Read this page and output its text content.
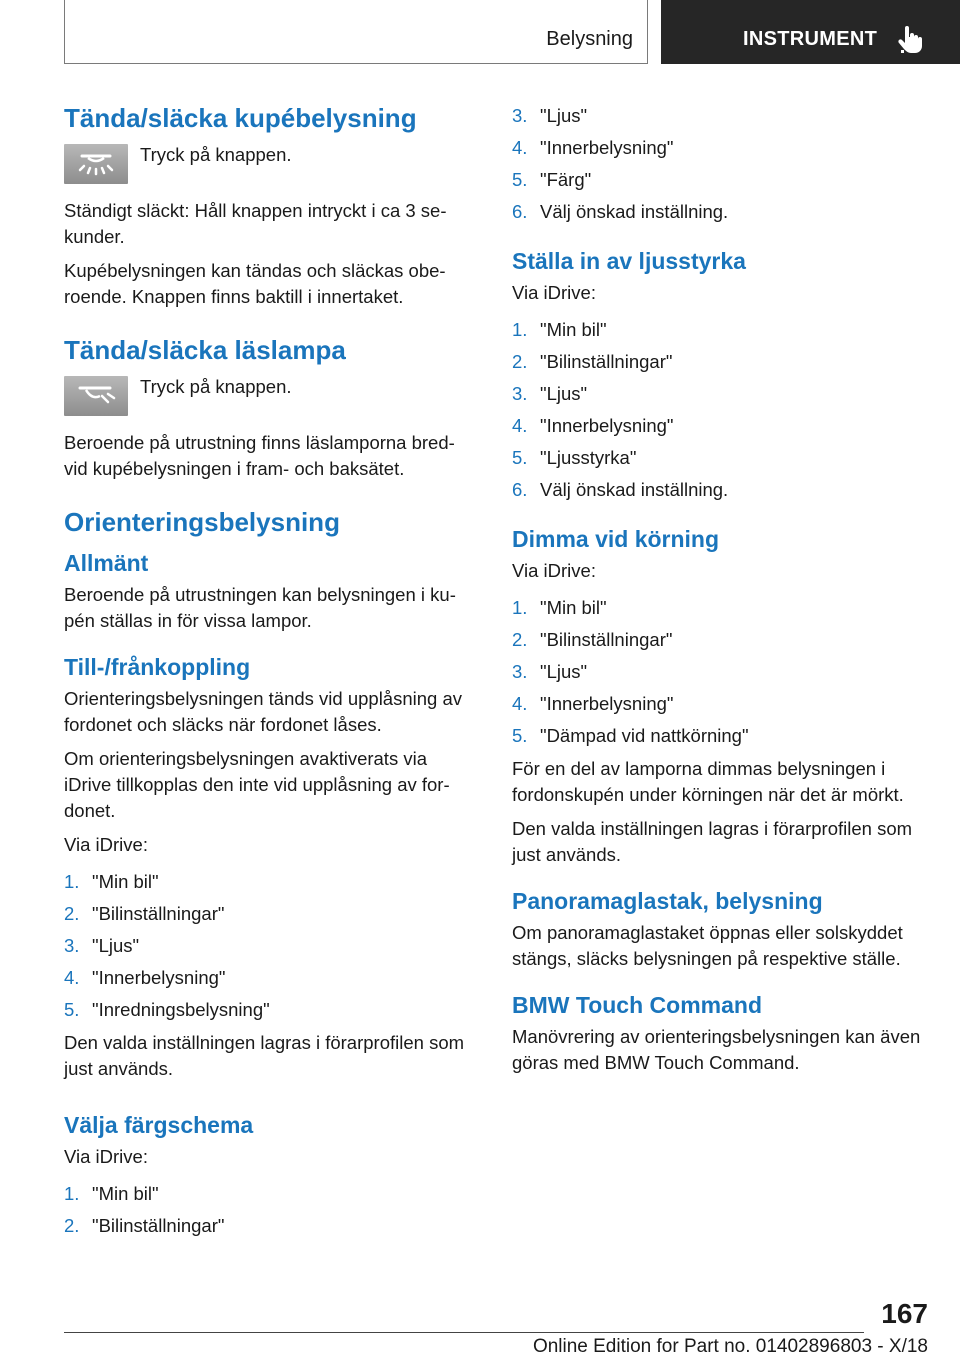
Belysning	INSTRUMENT
Tända/släcka kupébelysning

Tryck på knappen.

Ständigt släckt: Håll knappen intryckt i ca 3 se-kunder.

Kupébelysningen kan tändas och släckas obe-roende. Knappen finns baktill i innertaket.

Tända/släcka läslampa

Tryck på knappen.

Beroende på utrustning finns läslamporna bred-vid kupébelysningen i fram- och baksätet.

Orienteringsbelysning
Allmänt

Beroende på utrustningen kan belysningen i ku-pén ställas in för vissa lampor.

Till-/frånkoppling

Orienteringsbelysningen tänds vid upplåsning av fordonet och släcks när fordonet låses.

Om orienteringsbelysningen avaktiverats via iDrive tillkopplas den inte vid upplåsning av for-donet.

Via iDrive:

1. "Min bil"
2. "Bilinställningar"
3. "Ljus"
4. "Innerbelysning"
5. "Inredningsbelysning"

Den valda inställningen lagras i förarprofilen som just används.

Välja färgschema

Via iDrive:

1. "Min bil"
2. "Bilinställningar"
3. "Ljus"
4. "Innerbelysning"
5. "Färg"
6. Välj önskad inställning.
Ställa in av ljusstyrka

Via iDrive:

1. "Min bil"
2. "Bilinställningar"
3. "Ljus"
4. "Innerbelysning"
5. "Ljusstyrka"
6. Välj önskad inställning.
Dimma vid körning

Via iDrive:

1. "Min bil"
2. "Bilinställningar"
3. "Ljus"
4. "Innerbelysning"
5. "Dämpad vid nattkörning"

För en del av lamporna dimmas belysningen i fordonskupén under körningen när det är mörkt.

Den valda inställningen lagras i förarprofilen som just används.

Panoramaglastak, belysning

Om panoramaglastaket öppnas eller solskyddet stängs, släcks belysningen på respektive ställe.

BMW Touch Command

Manövrering av orienteringsbelysningen kan även göras med BMW Touch Command.

167
Online Edition for Part no. 01402896803 - X/18
